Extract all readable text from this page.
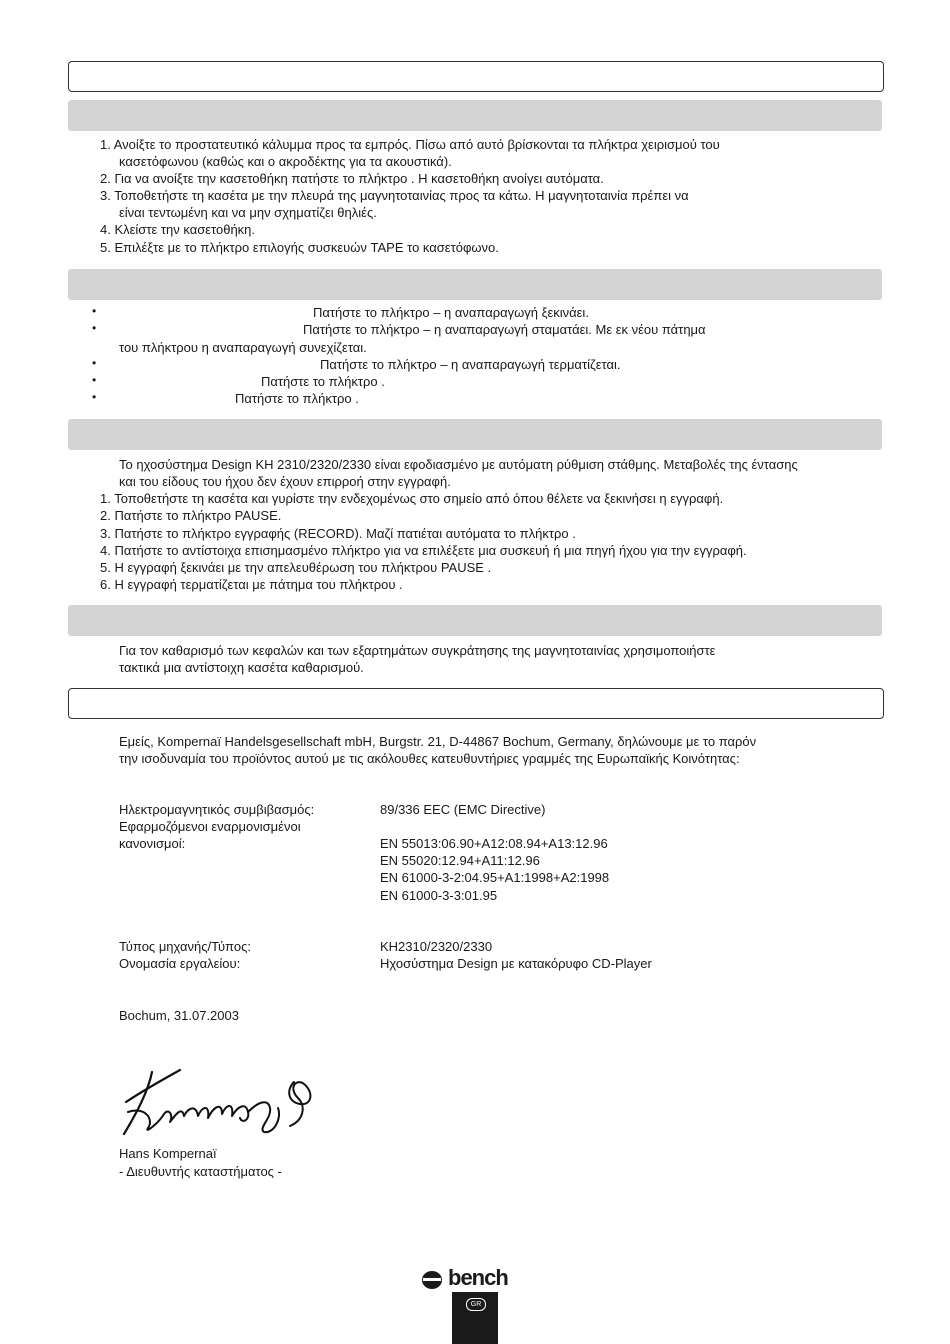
1. Ανοίξτε το προστατευτικό κάλυμμα προς τα εμπρός. Πίσω από αυτό βρίσκονται τα πλήκτρα χειρισμού του
κασετόφωνου (καθώς και ο ακροδέκτης για τα ακουστικά).
2. Για να ανοίξτε την κασετοθήκη πατήστε το πλήκτρο . Η κασετοθήκη ανοίγει αυτόματα.
3. Τοποθετήστε τη κασέτα με την πλευρά της μαγνητοταινίας προς τα κάτω. Η μαγνητοταινία πρέπει να
είναι τεντωμένη και να μην σχηματίζει θηλιές.
4. Κλείστε την κασετοθήκη.
5. Επιλέξτε με το πλήκτρο επιλογής συσκευών TAPE το κασετόφωνο.
•	Πατήστε το πλήκτρο – η αναπαραγωγή ξεκινάει.
•	Πατήστε το πλήκτρο – η αναπαραγωγή σταματάει. Με εκ νέου πάτημα
του πλήκτρου η αναπαραγωγή συνεχίζεται.
•	Πατήστε το πλήκτρο – η αναπαραγωγή τερματίζεται.
•	Πατήστε το πλήκτρο .
•	Πατήστε το πλήκτρο .
Το ηχοσύστημα Design KH 2310/2320/2330 είναι εφοδιασμένο με αυτόματη ρύθμιση στάθμης. Μεταβολές της έντασης
και του είδους του ήχου δεν έχουν επιρροή στην εγγραφή.
1. Τοποθετήστε τη κασέτα και γυρίστε την ενδεχομένως στο σημείο από όπου θέλετε να ξεκινήσει η εγγραφή.
2. Πατήστε το πλήκτρο PAUSE.
3. Πατήστε το πλήκτρο εγγραφής (RECORD). Μαζί πατιέται αυτόματα το πλήκτρο .
4. Πατήστε το αντίστοιχα επισημασμένο πλήκτρο για να επιλέξετε μια συσκευή ή μια πηγή ήχου για την εγγραφή.
5. Η εγγραφή ξεκινάει με την απελευθέρωση του πλήκτρου PAUSE .
6. Η εγγραφή τερματίζεται με πάτημα του πλήκτρου .
Για τον καθαρισμό των κεφαλών και των εξαρτημάτων συγκράτησης της μαγνητοταινίας χρησιμοποιήστε
τακτικά μια αντίστοιχη κασέτα καθαρισμού.
Εμείς, Kompernaï Handelsgesellschaft mbH, Burgstr. 21, D-44867 Bochum, Germany, δηλώνουμε με το παρόν
την ισοδυναμία του προϊόντος αυτού με τις ακόλουθες κατευθυντήριες γραμμές της Ευρωπαϊκής Κοινότητας:
Ηλεκτρομαγνητικός συμβιβασμός:	89/336 EEC (EMC Directive)
Εφαρμοζόμενοι εναρμονισμένοι
κανονισμοί:	EN 55013:06.90+A12:08.94+A13:12.96
EN 55020:12.94+A11:12.96
EN 61000-3-2:04.95+A1:1998+A2:1998
EN 61000-3-3:01.95
Τύπος μηχανής/Τύπος:	KH2310/2320/2330
Ονομασία εργαλείου:	Ηχοσύστημα Design με κατακόρυφο CD-Player
Bochum, 31.07.2003
Hans Kompernaï
- Διευθυντής καταστήματος -
bench
GR
